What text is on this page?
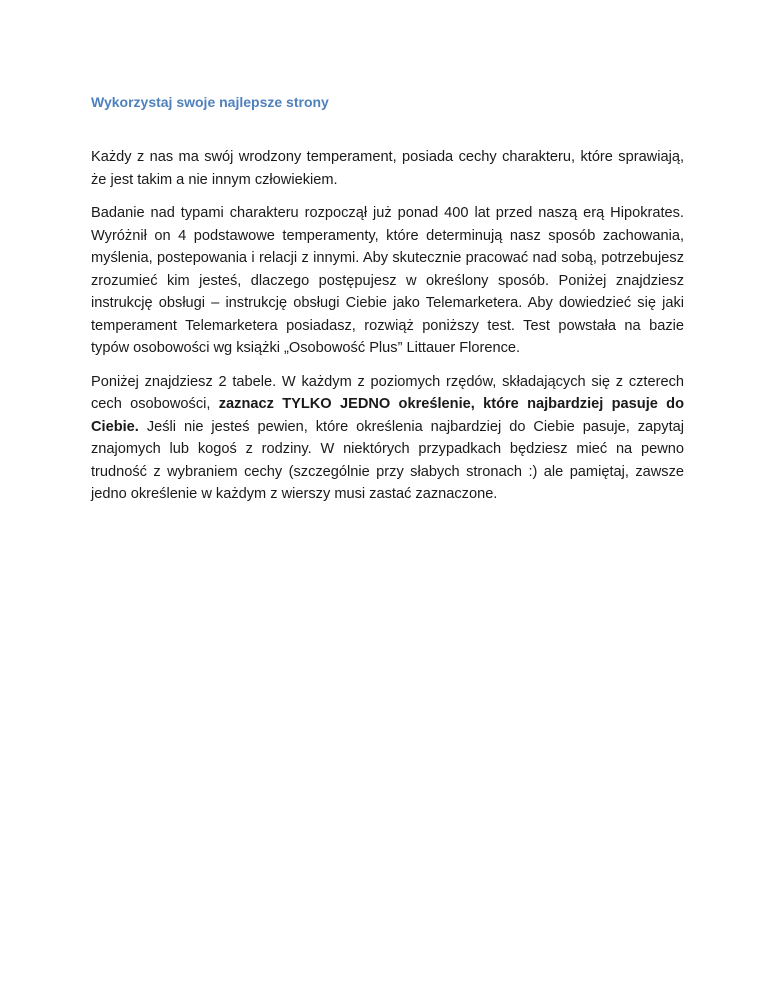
Wykorzystaj swoje najlepsze strony

Każdy z nas ma swój wrodzony temperament, posiada cechy charakteru, które sprawiają, że jest takim a nie innym człowiekiem.

Badanie nad typami charakteru rozpoczął już ponad 400 lat przed naszą erą Hipokrates. Wyróżnił on 4 podstawowe temperamenty, które determinują nasz sposób zachowania, myślenia, postepowania i relacji z innymi. Aby skutecznie pracować nad sobą, potrzebujesz zrozumieć kim jesteś, dlaczego postępujesz w określony sposób. Poniżej znajdziesz instrukcję obsługi – instrukcję obsługi Ciebie jako Telemarketera. Aby dowiedzieć się jaki temperament Telemarketera posiadasz, rozwiąż poniższy test. Test powstała na bazie typów osobowości wg książki „Osobowość Plus” Littauer Florence.

Poniżej znajdziesz 2 tabele. W każdym z poziomych rzędów, składających się z czterech cech osobowości, zaznacz TYLKO JEDNO określenie, które najbardziej pasuje do Ciebie. Jeśli nie jesteś pewien, które określenia najbardziej do Ciebie pasuje, zapytaj znajomych lub kogoś z rodziny. W niektórych przypadkach będziesz mieć na pewno trudność z wybraniem cechy (szczególnie przy słabych stronach :) ale pamiętaj, zawsze jedno określenie w każdym z wierszy musi zastać zaznaczone.
